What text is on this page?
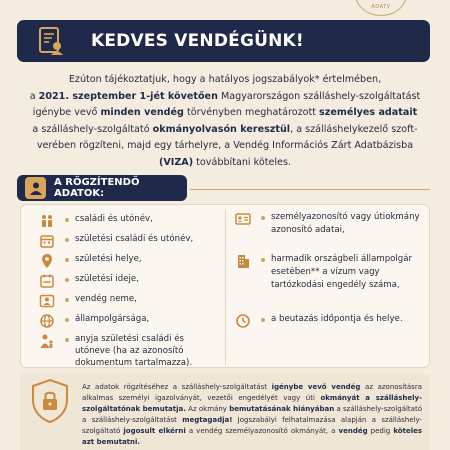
ADATV
KEDVES VENDÉGÜNK!
Ezúton tájékoztatjuk, hogy a hatályos jogszabályok* értelmében,
a 2021. szeptember 1-jét követően Magyarországon szálláshely-szolgáltatást
igénybe vevő minden vendég törvényben meghatározott személyes adatait
a szálláshely-szolgáltató okmányolvasón keresztül, a szálláshelykezelő szoft-
verében rögzíteni, majd egy tárhelyre, a Vendég Információs Zárt Adatbázisba
(VIZA) továbbítani köteles.
A RÖGZÍTENDŐ ADATOK:
családi és utónév,
születési családi és utónév,
születési helye,
születési ideje,
vendég neme,
állampolgársága,
anyja születési családi és utóneve (ha az azonosító dokumentum tartalmazza).
személyazonosító vagy útiokmány azonosító adatai,
harmadik országbeli állampolgár esetében** a vízum vagy tartózkodási engedély száma,
a beutazás időpontja és helye.
Az adatok rögzítéséhez a szálláshely-szolgáltatást igénybe vevő vendég az azonosításra alkalmas személyi igazolványát, vezetői engedélyét vagy úti okmányát a szálláshely-szolgáltatónak bemutatja. Az okmány bemutatásának hiányában a szálláshely-szolgáltató a szálláshely-szolgáltatást megtagadja! Jogszabályi felhatalmazása alapján a szálláshely-szolgáltató jogosult elkérni a vendég személyazonosító okmányát, a vendég pedig köteles azt bemutatni.
